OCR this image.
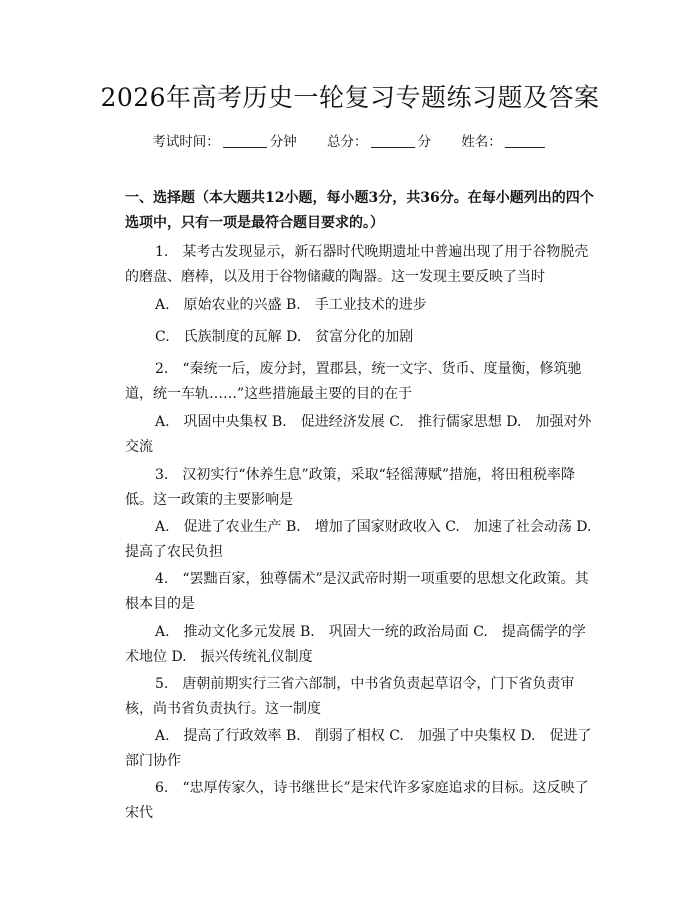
2026年高考历史一轮复习专题练习题及答案
考试时间：	分钟 总分：	分 姓名：
一、选择题（本大题共12小题，每小题3分，共36分。在每小题列出的四个选项中，只有一项是最符合题目要求的。）
1.　 某考古发现显示，新石器时代晚期遗址中普遍出现了用于谷物脱壳的磨盘、磨棒，以及用于谷物储藏的陶器。这一发现主要反映了当时
A.　原始农业的兴盛 B.　手工业技术的进步
C.　氏族制度的瓦解 D.　贫富分化的加剧
2.　 “秦统一后，废分封，置郡县，统一文字、货币、度量衡，修筑驰道，统一车轨……”这些措施最主要的目的在于
A.　巩固中央集权 B.　促进经济发展 C.　推行儒家思想 D.　加强对外交流
3.　 汉初实行“休养生息”政策，采取“轻徭薄赋”措施，将田租税率降低。这一政策的主要影响是
A.　促进了农业生产 B.　增加了国家财政收入 C.　加速了社会动荡 D.　提高了农民负担
4.　 “罢黜百家，独尊儒术”是汉武帝时期一项重要的思想文化政策。其根本目的是
A.　推动文化多元发展 B.　巩固大一统的政治局面 C.　提高儒学的学术地位 D.　振兴传统礼仪制度
5.　 唐朝前期实行三省六部制，中书省负责起草诏令，门下省负责审核，尚书省负责执行。这一制度
A.　提高了行政效率 B.　削弱了相权 C.　加强了中央集权 D.　促进了部门协作
6.　 “忠厚传家久，诗书继世长”是宋代许多家庭追求的目标。这反映了宋代
